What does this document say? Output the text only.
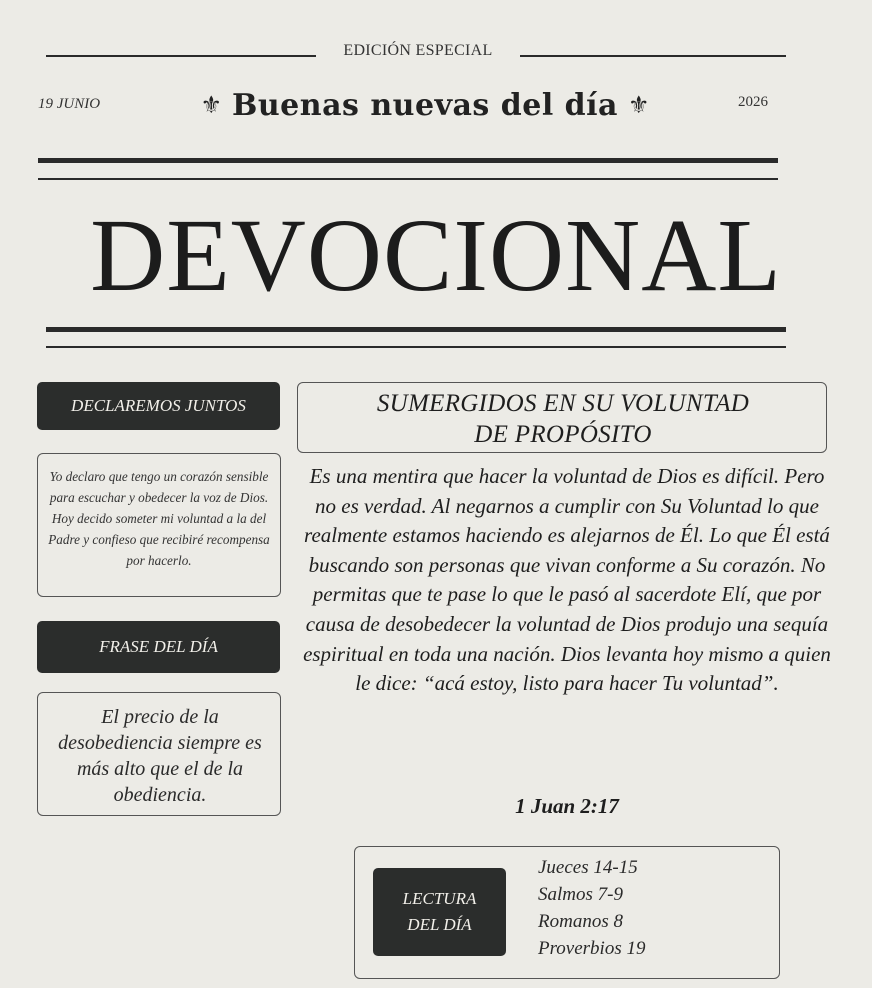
EDICIÓN ESPECIAL
19 JUNIO	⚜ Buenas nuevas del día ⚜	2026
DEVOCIONAL
DECLAREMOS JUNTOS
Yo declaro que tengo un corazón sensible para escuchar y obedecer la voz de Dios. Hoy decido someter mi voluntad a la del Padre y confieso que recibiré recompensa por hacerlo.
FRASE DEL DÍA
El precio de la desobediencia siempre es más alto que el de la obediencia.
SUMERGIDOS EN SU VOLUNTAD
DE PROPÓSITO
Es una mentira que hacer la voluntad de Dios es difícil. Pero no es verdad. Al negarnos a cumplir con Su Voluntad lo que realmente estamos haciendo es alejarnos de Él. Lo que Él está buscando son personas que vivan conforme a Su corazón. No permitas que te pase lo que le pasó al sacerdote Elí, que por causa de desobedecer la voluntad de Dios produjo una sequía espiritual en toda una nación. Dios levanta hoy mismo a quien le dice: “acá estoy, listo para hacer Tu voluntad”.
1 Juan 2:17
LECTURA
DEL DÍA
Jueces 14-15
Salmos 7-9
Romanos 8
Proverbios 19
